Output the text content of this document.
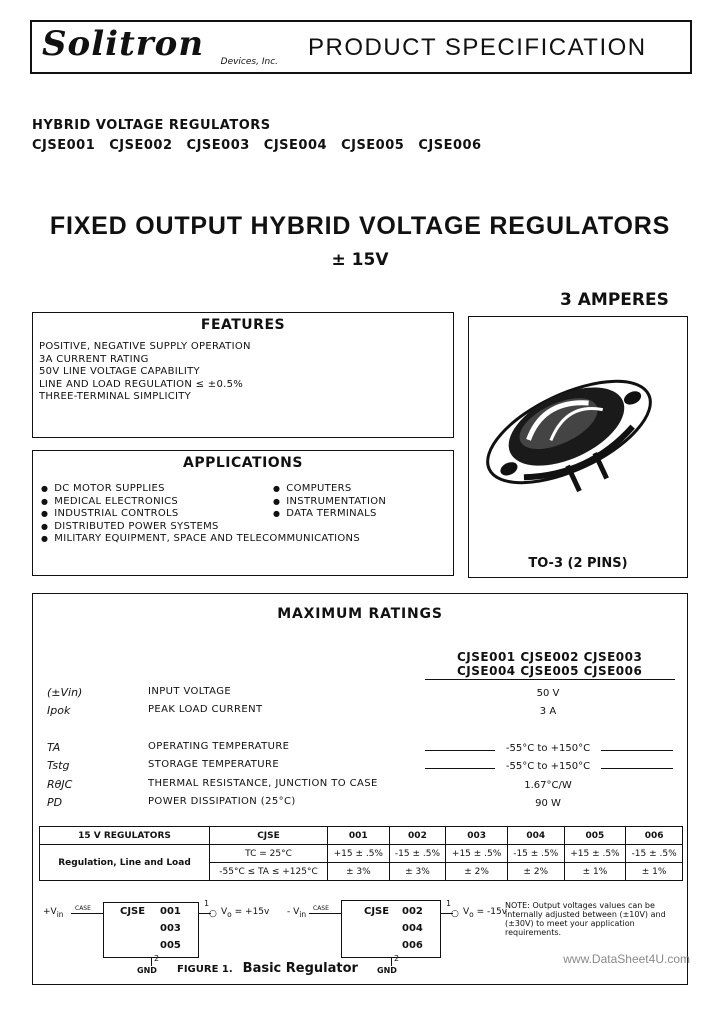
Solitron	Devices, Inc.
PRODUCT SPECIFICATION
HYBRID VOLTAGE REGULATORS
CJSE001 CJSE002 CJSE003 CJSE004 CJSE005 CJSE006
FIXED OUTPUT HYBRID VOLTAGE REGULATORS
± 15V
3 AMPERES
FEATURES
POSITIVE, NEGATIVE SUPPLY OPERATION
3A CURRENT RATING
50V LINE VOLTAGE CAPABILITY
LINE AND LOAD REGULATION ≤ ±0.5%
THREE-TERMINAL SIMPLICITY
APPLICATIONS
● DC MOTOR SUPPLIES
● MEDICAL ELECTRONICS
● INDUSTRIAL CONTROLS
● DISTRIBUTED POWER SYSTEMS
● MILITARY EQUIPMENT, SPACE AND TELECOMMUNICATIONS
● COMPUTERS
● INSTRUMENTATION
● DATA TERMINALS
TO-3 (2 PINS)
MAXIMUM RATINGS
CJSE001 CJSE002 CJSE003
CJSE004 CJSE005 CJSE006
(±Vin)	INPUT VOLTAGE	50 V
Ipok	PEAK LOAD CURRENT	3 A
TA	OPERATING TEMPERATURE	-55°C to +150°C
Tstg	STORAGE TEMPERATURE	-55°C to +150°C
RθJC	THERMAL RESISTANCE, JUNCTION TO CASE	1.67°C/W
PD	POWER DISSIPATION (25°C)	90 W
15 V REGULATORS	CJSE	001	002	003	004	005	006
Regulation, Line and Load	TC = 25°C	+15 ± .5%	-15 ± .5%	+15 ± .5%	-15 ± .5%	+15 ± .5%	-15 ± .5%
	-55°C ≤ TA ≤ +125°C	± 3%	± 3%	± 2%	± 2%	± 1%	± 1%
$+V_{in}$
CASE	CJSE 001
003
005
1
○ $V_o = +15v$
2
GND
- $V_{in}$
CASE	CJSE 002
004
006
1
○ $V_o = -15v$
2
GND
NOTE: Output voltages values can be internally adjusted between (±10V) and (±30V) to meet your application requirements.
FIGURE 1. Basic Regulator
www.DataSheet4U.com
